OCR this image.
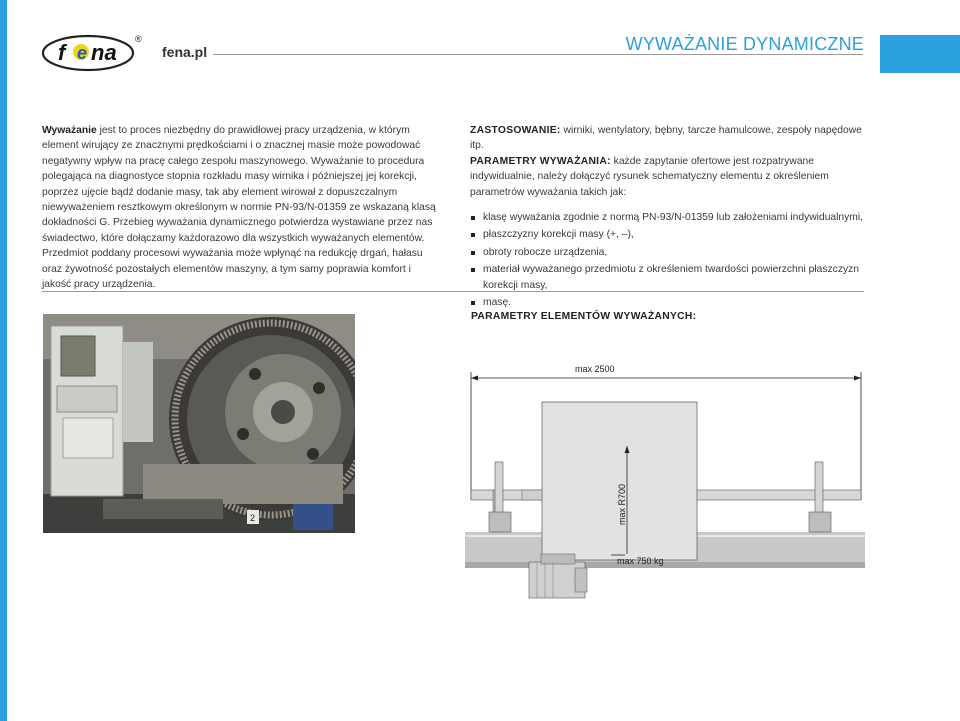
f e na
®
fena.pl	WYWAŻANIE DYNAMICZNE
Wyważanie jest to proces niezbędny do prawidłowej pracy urządzenia, w którym element wirujący ze znacznymi prędkościami i o znacznej masie może powodować negatywny wpływ na pracę całego zespołu maszynowego. Wyważanie to procedura polegająca na diagnostyce stopnia rozkładu masy wirnika i późniejszej jej korekcji, poprzez ujęcie bądź dodanie masy, tak aby element wirował z dopuszczalnym niewyważeniem resztkowym określonym w normie PN-93/N-01359 ze wskazaną klasą dokładności G. Przebieg wyważania dynamicznego potwierdza wystawiane przez nas świadectwo, które dołączamy każdorazowo dla wszystkich wyważanych elementów. Przedmiot poddany procesowi wyważania może wpłynąć na redukcję drgań, hałasu oraz żywotność pozostałych elementów maszyny, a tym samy poprawia komfort i jakość pracy urządzenia.
ZASTOSOWANIE: wirniki, wentylatory, bębny, tarcze hamulcowe, zespoły napędowe itp.
PARAMETRY WYWAŻANIA: każde zapytanie ofertowe jest rozpatrywane indywidualnie, należy dołączyć rysunek schematyczny elementu z określeniem parametrów wyważania takich jak:
klasę wyważania zgodnie z normą PN-93/N-01359 lub założeniami indywidualnymi,
płaszczyzny korekcji masy (+, –),
obroty robocze urządzenia,
materiał wyważanego przedmiotu z określeniem twardości powierzchni płaszczyzn korekcji masy,
masę.
2
PARAMETRY ELEMENTÓW WYWAŻANYCH:
max 2500
max R700
max 750 kg
